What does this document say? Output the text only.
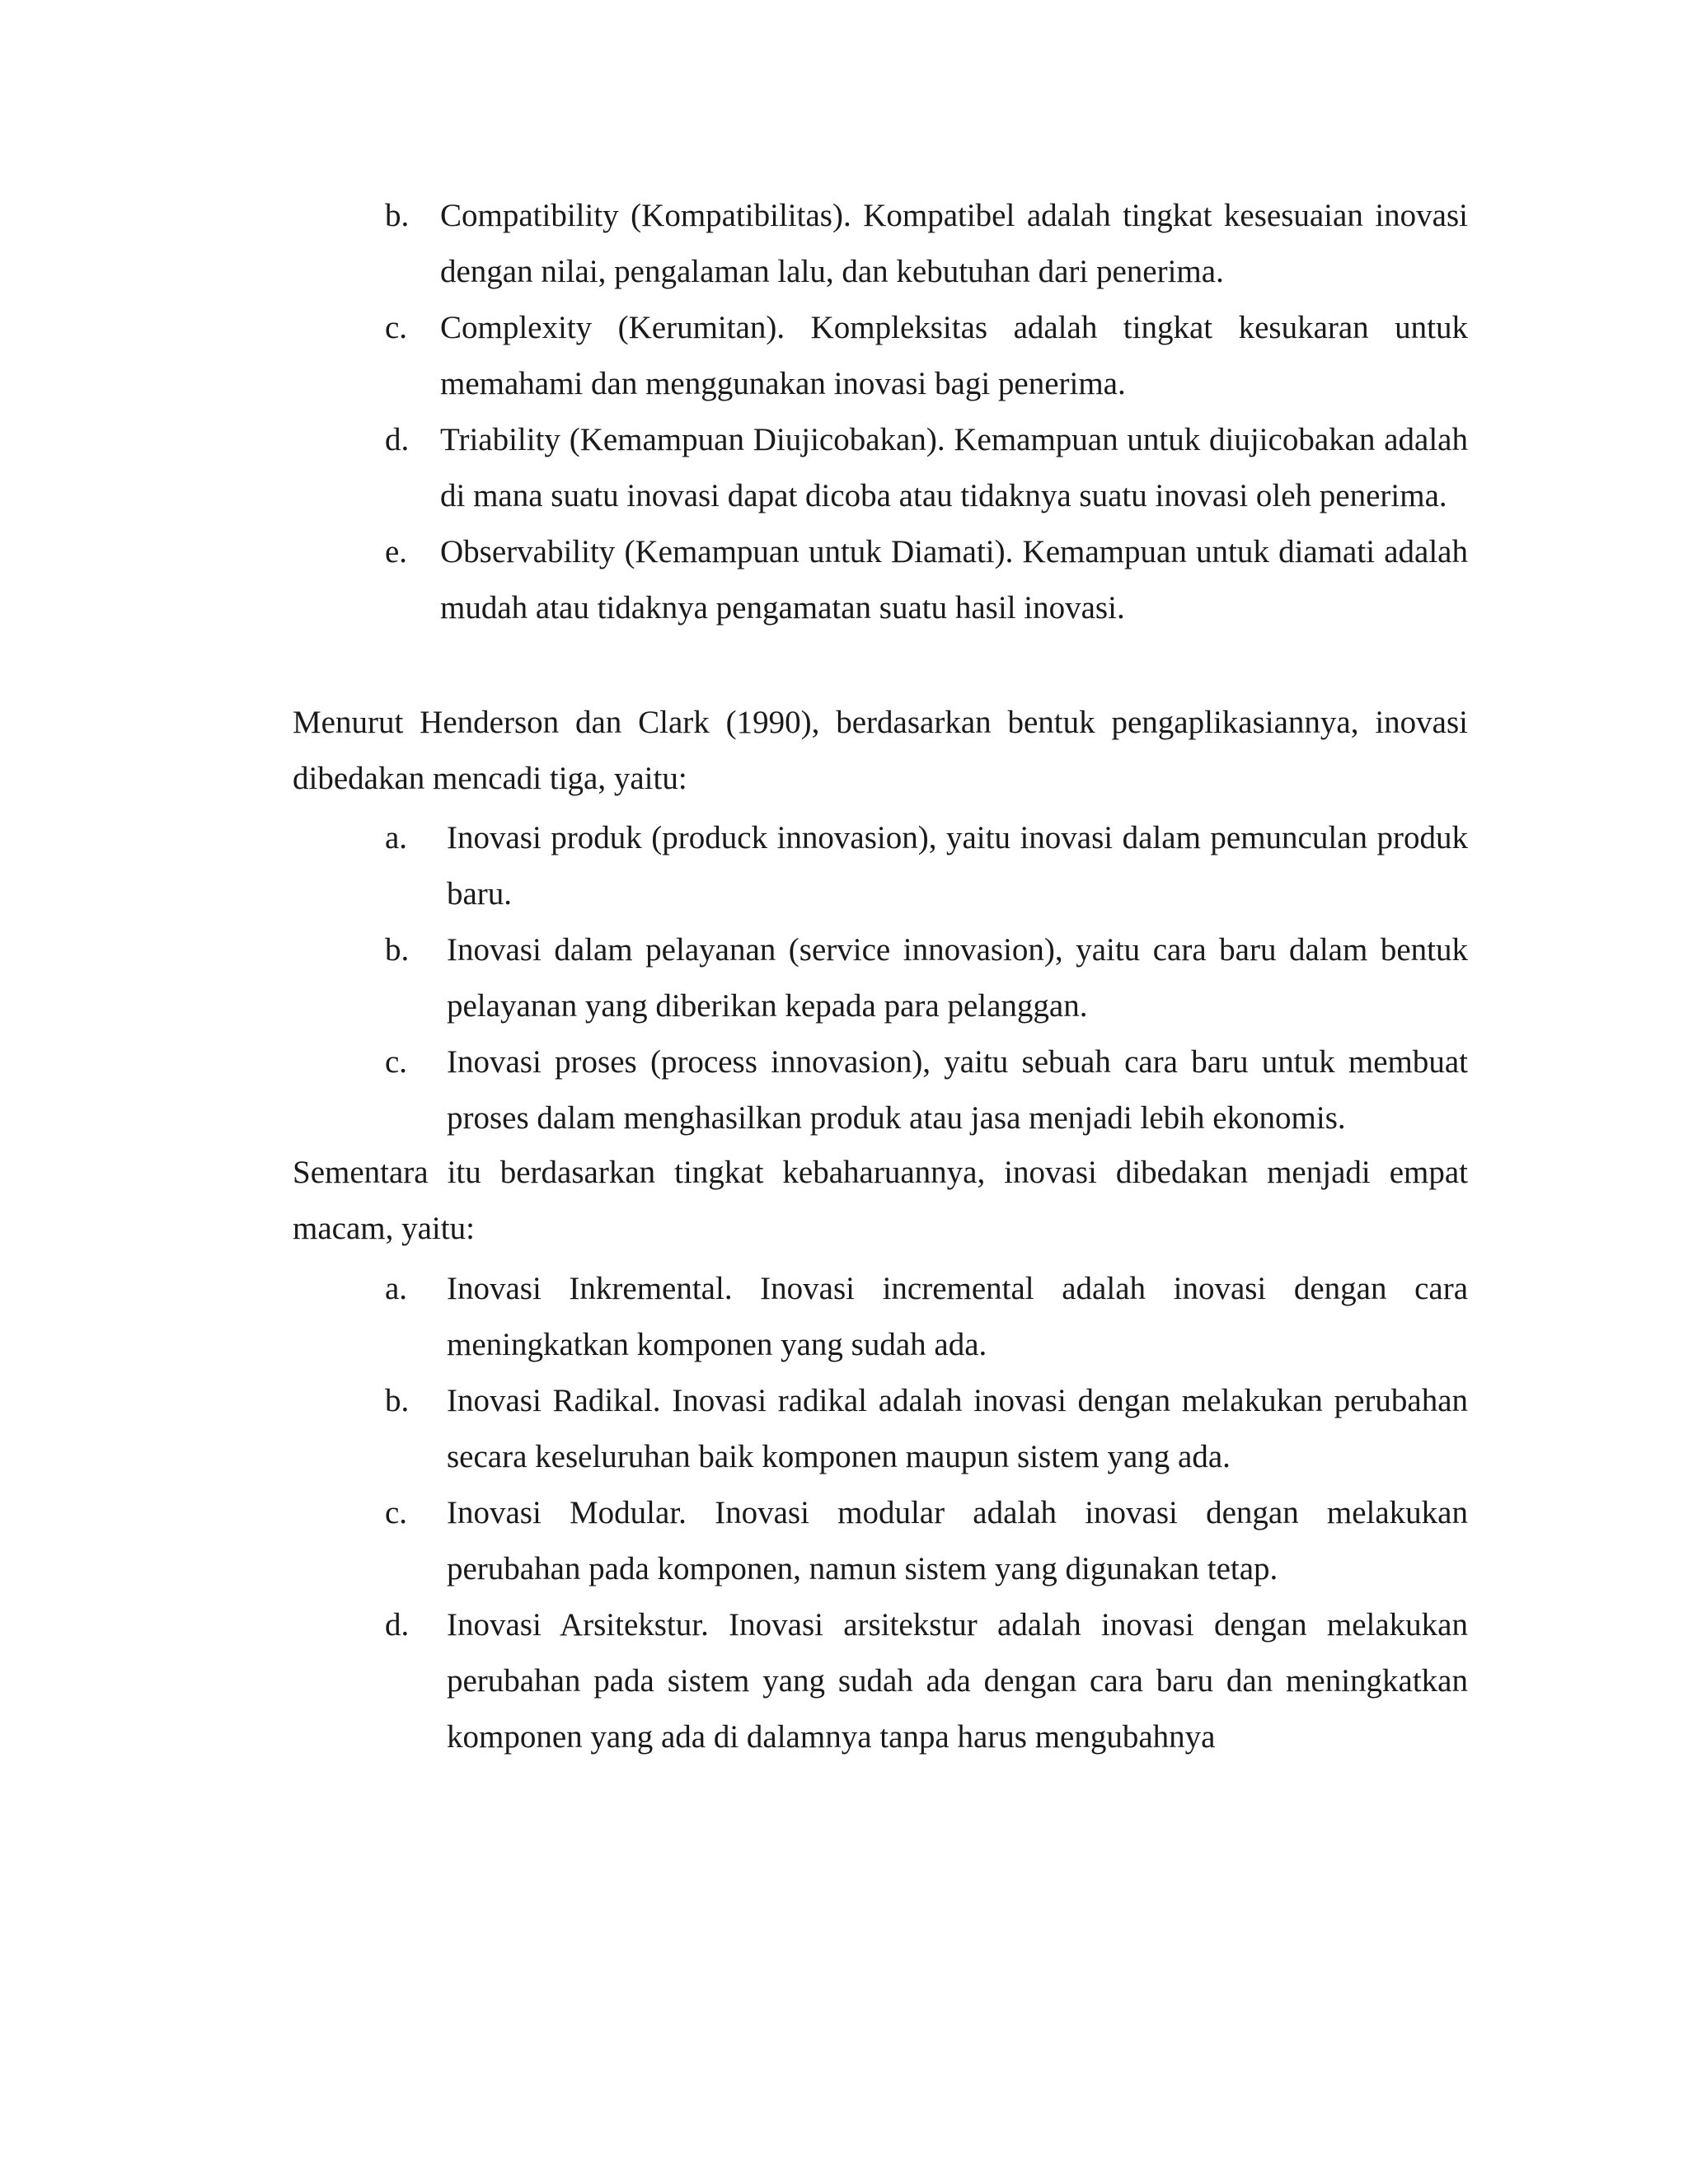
b. Compatibility (Kompatibilitas). Kompatibel adalah tingkat kesesuaian inovasi dengan nilai, pengalaman lalu, dan kebutuhan dari penerima.
c. Complexity (Kerumitan). Kompleksitas adalah tingkat kesukaran untuk memahami dan menggunakan inovasi bagi penerima.
d. Triability (Kemampuan Diujicobakan). Kemampuan untuk diujicobakan adalah di mana suatu inovasi dapat dicoba atau tidaknya suatu inovasi oleh penerima.
e. Observability (Kemampuan untuk Diamati). Kemampuan untuk diamati adalah mudah atau tidaknya pengamatan suatu hasil inovasi.

Menurut Henderson dan Clark (1990), berdasarkan bentuk pengaplikasiannya, inovasi dibedakan mencadi tiga, yaitu:

a. Inovasi produk (produck innovasion), yaitu inovasi dalam pemunculan produk baru.
b. Inovasi dalam pelayanan (service innovasion), yaitu cara baru dalam bentuk pelayanan yang diberikan kepada para pelanggan.
c. Inovasi proses (process innovasion), yaitu sebuah cara baru untuk membuat proses dalam menghasilkan produk atau jasa menjadi lebih ekonomis.

Sementara itu berdasarkan tingkat kebaharuannya, inovasi dibedakan menjadi empat macam, yaitu:

a. Inovasi Inkremental. Inovasi incremental adalah inovasi dengan cara meningkatkan komponen yang sudah ada.
b. Inovasi Radikal. Inovasi radikal adalah inovasi dengan melakukan perubahan secara keseluruhan baik komponen maupun sistem yang ada.
c. Inovasi Modular. Inovasi modular adalah inovasi dengan melakukan perubahan pada komponen, namun sistem yang digunakan tetap.
d. Inovasi Arsitekstur. Inovasi arsitekstur adalah inovasi dengan melakukan perubahan pada sistem yang sudah ada dengan cara baru dan meningkatkan komponen yang ada di dalamnya tanpa harus mengubahnya
